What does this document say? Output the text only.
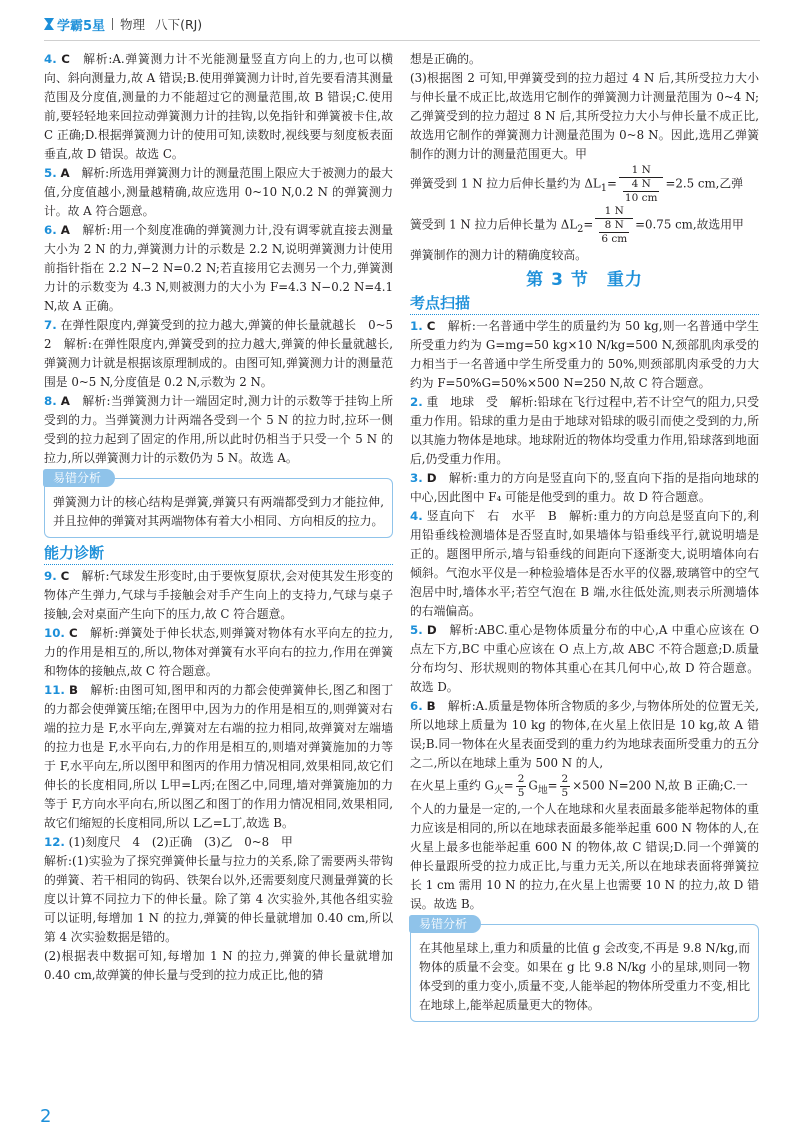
学霸5星 物理 八下(RJ)

4. C　 解析:A.弹簧测力计不光能测量竖直方向上的力,也可以横向、斜向测量力,故 A 错误;B.使用弹簧测力计时,首先要看清其测量范围及分度值,测量的力不能超过它的测量范围,故 B 错误;C.使用前,要轻轻地来回拉动弹簧测力计的挂钩,以免指针和弹簧被卡住,故 C 正确;D.根据弹簧测力计的使用可知,读数时,视线要与刻度板表面垂直,故 D 错误。故选 C。

5. A　 解析:所选用弹簧测力计的测量范围上限应大于被测力的最大值,分度值越小,测量越精确,故应选用 0~10 N,0.2 N 的弹簧测力计。故 A 符合题意。

6. A　 解析:用一个刻度准确的弹簧测力计,没有调零就直接去测量大小为 2 N 的力,弹簧测力计的示数是 2.2 N,说明弹簧测力计使用前指针指在 2.2 N−2 N=0.2 N;若直接用它去测另一个力,弹簧测力计的示数变为 4.3 N,则被测力的大小为 F=4.3 N−0.2 N=4.1 N,故 A 正确。

7. 在弹性限度内,弹簧受到的拉力越大,弹簧的伸长量就越长　0~5　2　解析:在弹性限度内,弹簧受到的拉力越大,弹簧的伸长量就越长,弹簧测力计就是根据该原理制成的。由图可知,弹簧测力计的测量范围是 0~5 N,分度值是 0.2 N,示数为 2 N。

8. A　 解析:当弹簧测力计一端固定时,测力计的示数等于挂钩上所受到的力。当弹簧测力计两端各受到一个 5 N 的拉力时,拉环一侧受到的拉力起到了固定的作用,所以此时仍相当于只受一个 5 N 的拉力,所以弹簧测力计的示数仍为 5 N。故选 A。

易错分析

弹簧测力计的核心结构是弹簧,弹簧只有两端都受到力才能拉伸,并且拉伸的弹簧对其两端物体有着大小相同、方向相反的拉力。

能力诊断

9. C　 解析:气球发生形变时,由于要恢复原状,会对使其发生形变的物体产生弹力,气球与手接触会对手产生向上的支持力,气球与桌子接触,会对桌面产生向下的压力,故 C 符合题意。

10. C　 解析:弹簧处于伸长状态,则弹簧对物体有水平向左的拉力,力的作用是相互的,所以,物体对弹簧有水平向右的拉力,作用在弹簧和物体的接触点,故 C 符合题意。

11. B　 解析:由图可知,图甲和丙的力都会使弹簧伸长,图乙和图丁的力都会使弹簧压缩;在图甲中,因为力的作用是相互的,则弹簧对右端的拉力是 F,水平向左,弹簧对左右端的拉力相同,故弹簧对左端墙的拉力也是 F,水平向右,力的作用是相互的,则墙对弹簧施加的力等于 F,水平向左,所以图甲和图丙的作用力情况相同,效果相同,故它们伸长的长度相同,所以 L甲=L丙;在图乙中,同理,墙对弹簧施加的力等于 F,方向水平向右,所以图乙和图丁的作用力情况相同,效果相同,故它们缩短的长度相同,所以 L乙=L丁,故选 B。

12. (1)刻度尺　4　(2)正确　(3)乙　0~8　甲

解析:(1)实验为了探究弹簧伸长量与拉力的关系,除了需要两头带钩的弹簧、若干相同的钩码、铁架台以外,还需要刻度尺测量弹簧的长度以计算不同拉力下的伸长量。除了第 4 次实验外,其他各组实验可以证明,每增加 1 N 的拉力,弹簧的伸长量就增加 0.40 cm,所以第 4 次实验数据是错的。

(2)根据表中数据可知,每增加 1 N 的拉力,弹簧的伸长量就增加 0.40 cm,故弹簧的伸长量与受到的拉力成正比,他的猜

想是正确的。

(3)根据图 2 可知,甲弹簧受到的拉力超过 4 N 后,其所受拉力大小与伸长量不成正比,故选用它制作的弹簧测力计测量范围为 0~4 N;乙弹簧受到的拉力超过 8 N 后,其所受拉力大小与伸长量不成正比,故选用它制作的弹簧测力计测量范围为 0~8 N。因此,选用乙弹簧制作的测力计的测量范围更大。甲

弹簧受到 1 N 拉力后伸长量约为 $\Delta L_1= \frac{1 N}{\frac{4 N}{10 cm}} =2.5$ cm,乙弹

簧受到 1 N 拉力后伸长量为 $\Delta L_2= \frac{1 N}{\frac{8 N}{6 cm}} =0.75$ cm,故选用甲

弹簧制作的测力计的精确度较高。

第 3 节　重力
考点扫描

1. C　 解析:一名普通中学生的质量约为 50 kg,则一名普通中学生所受重力约为 G=mg=50 kg×10 N/kg=500 N,颈部肌肉承受的力相当于一名普通中学生所受重力的 50%,则颈部肌肉承受的力大约为 F=50%G=50%×500 N=250 N,故 C 符合题意。

2. 重　地球　受　解析:铅球在飞行过程中,若不计空气的阻力,只受重力作用。铅球的重力是由于地球对铅球的吸引而使之受到的力,所以其施力物体是地球。地球附近的物体均受重力作用,铅球落到地面后,仍受重力作用。

3. D　 解析:重力的方向是竖直向下的,竖直向下指的是指向地球的中心,因此图中 F₄ 可能是他受到的重力。故 D 符合题意。

4. 竖直向下　右　水平　B　解析:重力的方向总是竖直向下的,利用铅垂线检测墙体是否竖直时,如果墙体与铅垂线平行,就说明墙是正的。题图甲所示,墙与铅垂线的间距向下逐渐变大,说明墙体向右倾斜。气泡水平仪是一种检验墙体是否水平的仪器,玻璃管中的空气泡居中时,墙体水平;若空气泡在 B 端,水往低处流,则表示所测墙体的右端偏高。

5. D　 解析:ABC.重心是物体质量分布的中心,A 中重心应该在 O 点左下方,BC 中重心应该在 O 点上方,故 ABC 不符合题意;D.质量分布均匀、形状规则的物体其重心在其几何中心,故 D 符合题意。故选 D。

6. B　 解析:A.质量是物体所含物质的多少,与物体所处的位置无关,所以地球上质量为 10 kg 的物体,在火星上依旧是 10 kg,故 A 错误;B.同一物体在火星表面受到的重力约为地球表面所受重力的五分之二,所以在地球上重为 500 N 的人,

在火星上重约 $G_火= \frac{2}{5} G_地= \frac{2}{5} \times 500$ N=200 N,故 B 正确;C.一

个人的力量是一定的,一个人在地球和火星表面最多能举起物体的重力应该是相同的,所以在地球表面最多能举起重 600 N 物体的人,在火星上最多也能举起重 600 N 的物体,故 C 错误;D.同一个弹簧的伸长量跟所受的拉力成正比,与重力无关,所以在地球表面将弹簧拉长 1 cm 需用 10 N 的拉力,在火星上也需要 10 N 的拉力,故 D 错误。故选 B。

易错分析

在其他星球上,重力和质量的比值 g 会改变,不再是 9.8 N/kg,而物体的质量不会变。如果在 g 比 9.8 N/kg 小的星球,则同一物体受到的重力变小,质量不变,人能举起的物体所受重力不变,相比在地球上,能举起质量更大的物体。

2
